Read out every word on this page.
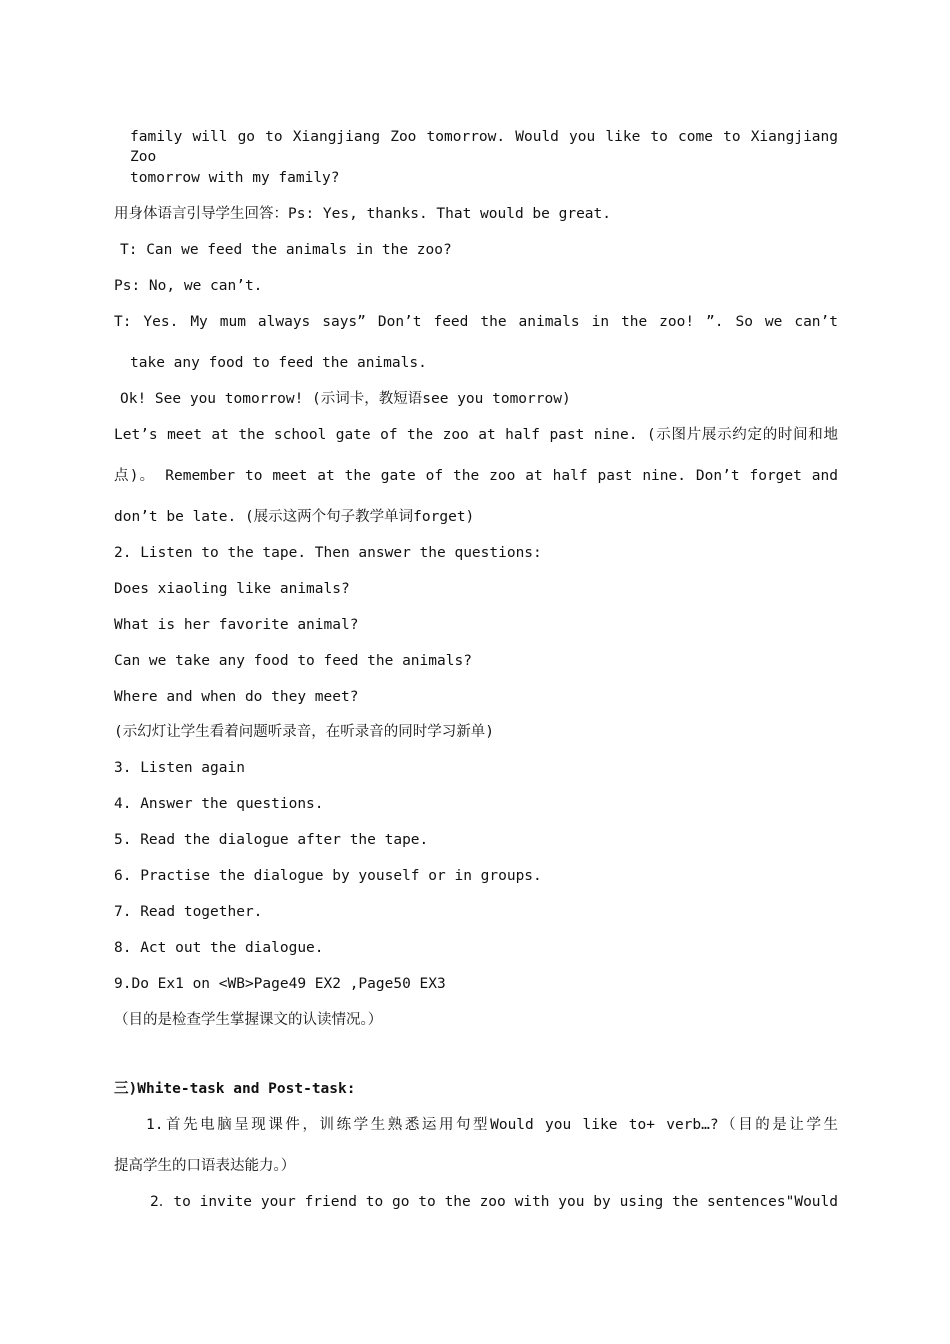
family will go to Xiangjiang Zoo tomorrow. Would you like to come to Xiangjiang Zoo
tomorrow with my family?
用身体语言引导学生回答：Ps: Yes, thanks. That would be great.
T: Can we feed the animals in the zoo?
Ps: No, we can’t.
T: Yes. My mum always says” Don’t feed the animals in the zoo! ”. So we can’t
take any food to feed the animals.
Ok! See you tomorrow! (示词卡，教短语see you tomorrow)
Let’s meet at the school gate of the zoo at half past nine. (示图片展示约定的时间和地
点)。 Remember to meet at the gate of the zoo at half past nine. Don’t forget and
don’t be late. (展示这两个句子教学单词forget)
2. Listen to the tape. Then answer the questions:
Does xiaoling like animals?
What is her favorite animal?
Can we take any food to feed the animals?
Where and when do they meet?
(示幻灯让学生看着问题听录音，在听录音的同时学习新单)
3. Listen again
4. Answer the questions.
5. Read the dialogue after the tape.
6. Practise the dialogue by youself or in groups.
7. Read together.
8. Act out the dialogue.
9.Do Ex1 on <WB>Page49 EX2 ,Page50 EX3
（目的是检查学生掌握课文的认读情况。）
三)White-task and Post-task:
1.首先电脑呈现课件，训练学生熟悉运用句型Would you like to+ verb…?（目的是让学生
提高学生的口语表达能力。）
2．to invite your friend to go to the zoo with you by using the sentences"Would
